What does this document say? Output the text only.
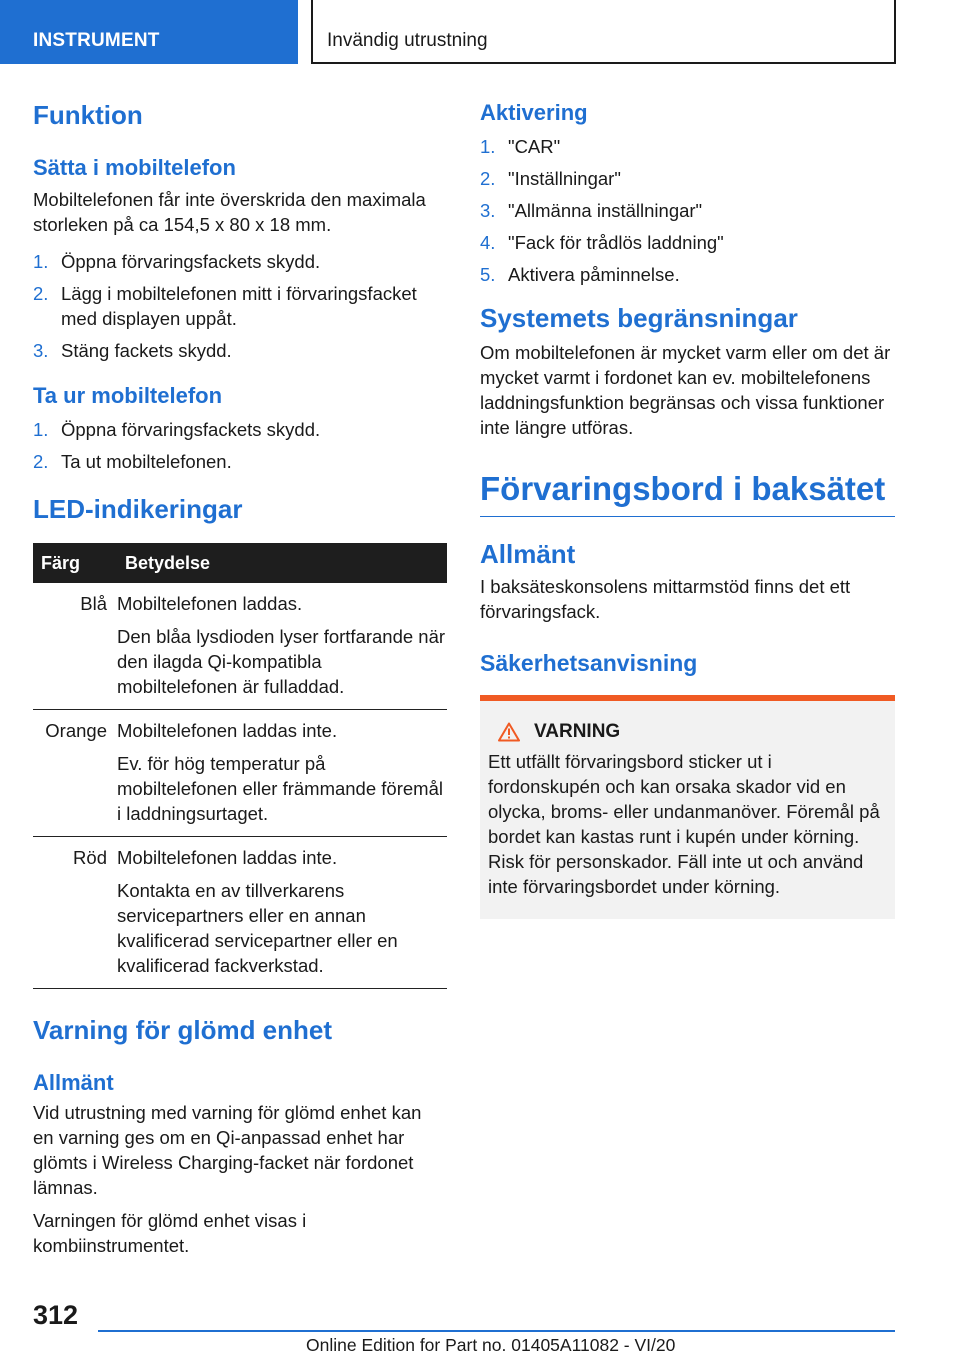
INSTRUMENT	Invändig utrustning
Funktion
Sätta i mobiltelefon
Mobiltelefonen får inte överskrida den maximala storleken på ca 154,5 x 80 x 18 mm.
1. Öppna förvaringsfackets skydd.
2. Lägg i mobiltelefonen mitt i förvaringsfacket med displayen uppåt.
3. Stäng fackets skydd.
Ta ur mobiltelefon
1. Öppna förvaringsfackets skydd.
2. Ta ut mobiltelefonen.
LED-indikeringar
Färg	Betydelse
Blå	Mobiltelefonen laddas.

Den blåa lysdioden lyser fortfarande när den ilagda Qi-kompatibla mobiltelefonen är fulladdad.

Orange	Mobiltelefonen laddas inte.

Ev. för hög temperatur på mobiltelefonen eller främmande föremål i laddningsurtaget.

Röd	Mobiltelefonen laddas inte.

Kontakta en av tillverkarens servicepartners eller en annan kvalificerad servicepartner eller en kvalificerad fackverkstad.

Varning för glömd enhet
Allmänt
Vid utrustning med varning för glömd enhet kan en varning ges om en Qi-anpassad enhet har glömts i Wireless Charging-facket när fordonet lämnas.
Varningen för glömd enhet visas i kombiinstrumentet.
Aktivering
1. "CAR"
2. "Inställningar"
3. "Allmänna inställningar"
4. "Fack för trådlös laddning"
5. Aktivera påminnelse.
Systemets begränsningar
Om mobiltelefonen är mycket varm eller om det är mycket varmt i fordonet kan ev. mobiltelefonens laddningsfunktion begränsas och vissa funktioner inte längre utföras.
Förvaringsbord i baksätet
Allmänt
I baksäteskonsolens mittarmstöd finns det ett förvaringsfack.
Säkerhetsanvisning
VARNING

Ett utfällt förvaringsbord sticker ut i fordonskupén och kan orsaka skador vid en olycka, broms- eller undanmanöver. Föremål på bordet kan kastas runt i kupén under körning. Risk för personskador. Fäll inte ut och använd inte förvaringsbordet under körning.

312
Online Edition for Part no. 01405A11082 - VI/20
